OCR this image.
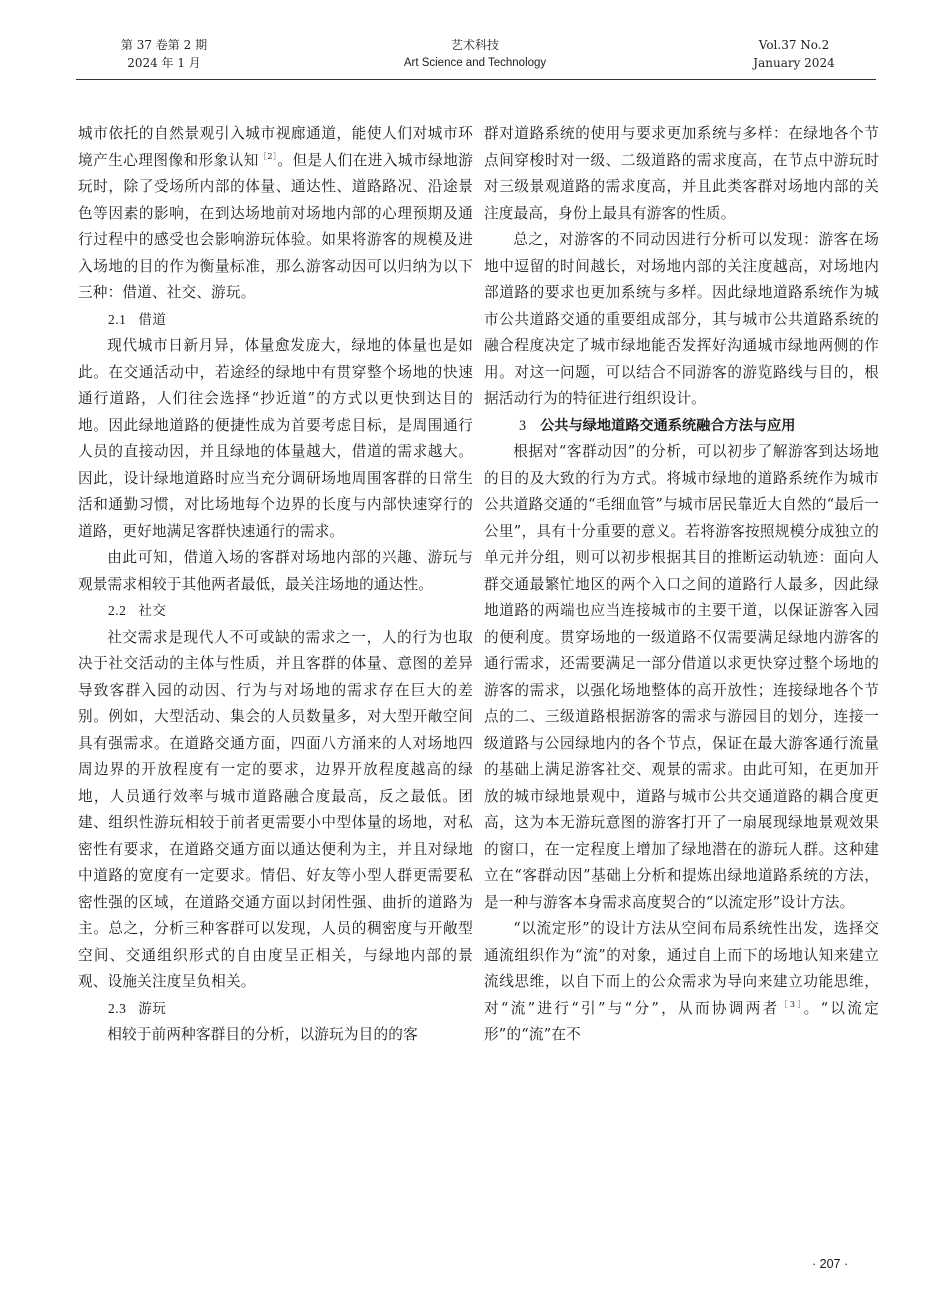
第 37 卷第 2 期
2024 年 1 月
艺术科技
Art Science and Technology
Vol.37 No.2
January 2024

城市依托的自然景观引入城市视廊通道，能使人们对城市环境产生心理图像和形象认知$^{[2]}$。但是人们在进入城市绿地游玩时，除了受场所内部的体量、通达性、道路路况、沿途景色等因素的影响，在到达场地前对场地内部的心理预期及通行过程中的感受也会影响游玩体验。如果将游客的规模及进入场地的目的作为衡量标准，那么游客动因可以归纳为以下三种：借道、社交、游玩。

2.1 借道

现代城市日新月异，体量愈发庞大，绿地的体量也是如此。在交通活动中，若途经的绿地中有贯穿整个场地的快速通行道路，人们往会选择“抄近道”的方式以更快到达目的地。因此绿地道路的便捷性成为首要考虑目标，是周围通行人员的直接动因，并且绿地的体量越大，借道的需求越大。因此，设计绿地道路时应当充分调研场地周围客群的日常生活和通勤习惯，对比场地每个边界的长度与内部快速穿行的道路，更好地满足客群快速通行的需求。

由此可知，借道入场的客群对场地内部的兴趣、游玩与观景需求相较于其他两者最低，最关注场地的通达性。

2.2 社交

社交需求是现代人不可或缺的需求之一，人的行为也取决于社交活动的主体与性质，并且客群的体量、意图的差异导致客群入园的动因、行为与对场地的需求存在巨大的差别。例如，大型活动、集会的人员数量多，对大型开敞空间具有强需求。在道路交通方面，四面八方涌来的人对场地四周边界的开放程度有一定的要求，边界开放程度越高的绿地，人员通行效率与城市道路融合度最高，反之最低。团建、组织性游玩相较于前者更需要小中型体量的场地，对私密性有要求，在道路交通方面以通达便利为主，并且对绿地中道路的宽度有一定要求。情侣、好友等小型人群更需要私密性强的区域，在道路交通方面以封闭性强、曲折的道路为主。总之，分析三种客群可以发现，人员的稠密度与开敞型空间、交通组织形式的自由度呈正相关，与绿地内部的景观、设施关注度呈负相关。

2.3 游玩

相较于前两种客群目的分析，以游玩为目的的客

群对道路系统的使用与要求更加系统与多样：在绿地各个节点间穿梭时对一级、二级道路的需求度高，在节点中游玩时对三级景观道路的需求度高，并且此类客群对场地内部的关注度最高，身份上最具有游客的性质。

总之，对游客的不同动因进行分析可以发现：游客在场地中逗留的时间越长，对场地内部的关注度越高，对场地内部道路的要求也更加系统与多样。因此绿地道路系统作为城市公共道路交通的重要组成部分，其与城市公共道路系统的融合程度决定了城市绿地能否发挥好沟通城市绿地两侧的作用。对这一问题，可以结合不同游客的游览路线与目的，根据活动行为的特征进行组织设计。

3 公共与绿地道路交通系统融合方法与应用

根据对“客群动因”的分析，可以初步了解游客到达场地的目的及大致的行为方式。将城市绿地的道路系统作为城市公共道路交通的“毛细血管”与城市居民靠近大自然的“最后一公里”，具有十分重要的意义。若将游客按照规模分成独立的单元并分组，则可以初步根据其目的推断运动轨迹：面向人群交通最繁忙地区的两个入口之间的道路行人最多，因此绿地道路的两端也应当连接城市的主要干道，以保证游客入园的便利度。贯穿场地的一级道路不仅需要满足绿地内游客的通行需求，还需要满足一部分借道以求更快穿过整个场地的游客的需求，以强化场地整体的高开放性；连接绿地各个节点的二、三级道路根据游客的需求与游园目的划分，连接一级道路与公园绿地内的各个节点，保证在最大游客通行流量的基础上满足游客社交、观景的需求。由此可知，在更加开放的城市绿地景观中，道路与城市公共交通道路的耦合度更高，这为本无游玩意图的游客打开了一扇展现绿地景观效果的窗口，在一定程度上增加了绿地潜在的游玩人群。这种建立在“客群动因”基础上分析和提炼出绿地道路系统的方法，是一种与游客本身需求高度契合的“以流定形”设计方法。

“以流定形”的设计方法从空间布局系统性出发，选择交通流组织作为“流”的对象，通过自上而下的场地认知来建立流线思维，以自下而上的公众需求为导向来建立功能思维，对“流”进行“引”与“分”，从而协调两者$^{[3]}$。“以流定形”的“流”在不

· 207 ·
